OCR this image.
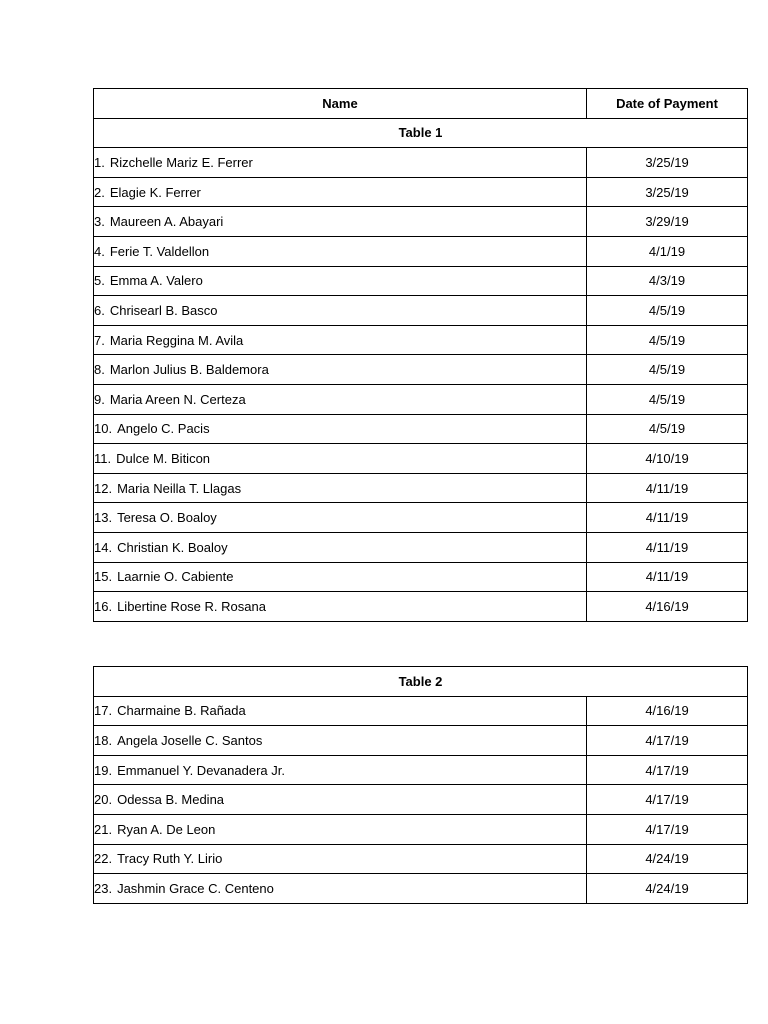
Name	Date of Payment
Table 1	
1. Rizchelle Mariz E. Ferrer	3/25/19
2. Elagie K. Ferrer	3/25/19
3. Maureen A. Abayari	3/29/19
4. Ferie T. Valdellon	4/1/19
5. Emma A. Valero	4/3/19
6. Chrisearl B. Basco	4/5/19
7. Maria Reggina M. Avila	4/5/19
8. Marlon Julius B. Baldemora	4/5/19
9. Maria Areen N. Certeza	4/5/19
10. Angelo C. Pacis	4/5/19
11. Dulce M. Biticon	4/10/19
12. Maria Neilla T. Llagas	4/11/19
13. Teresa O. Boaloy	4/11/19
14. Christian K. Boaloy	4/11/19
15. Laarnie O. Cabiente	4/11/19
16. Libertine Rose R. Rosana	4/16/19
Table 2	
17. Charmaine B. Rañada	4/16/19
18. Angela Joselle C. Santos	4/17/19
19. Emmanuel Y. Devanadera Jr.	4/17/19
20. Odessa B. Medina	4/17/19
21. Ryan A. De Leon	4/17/19
22. Tracy Ruth Y. Lirio	4/24/19
23. Jashmin Grace C. Centeno	4/24/19
